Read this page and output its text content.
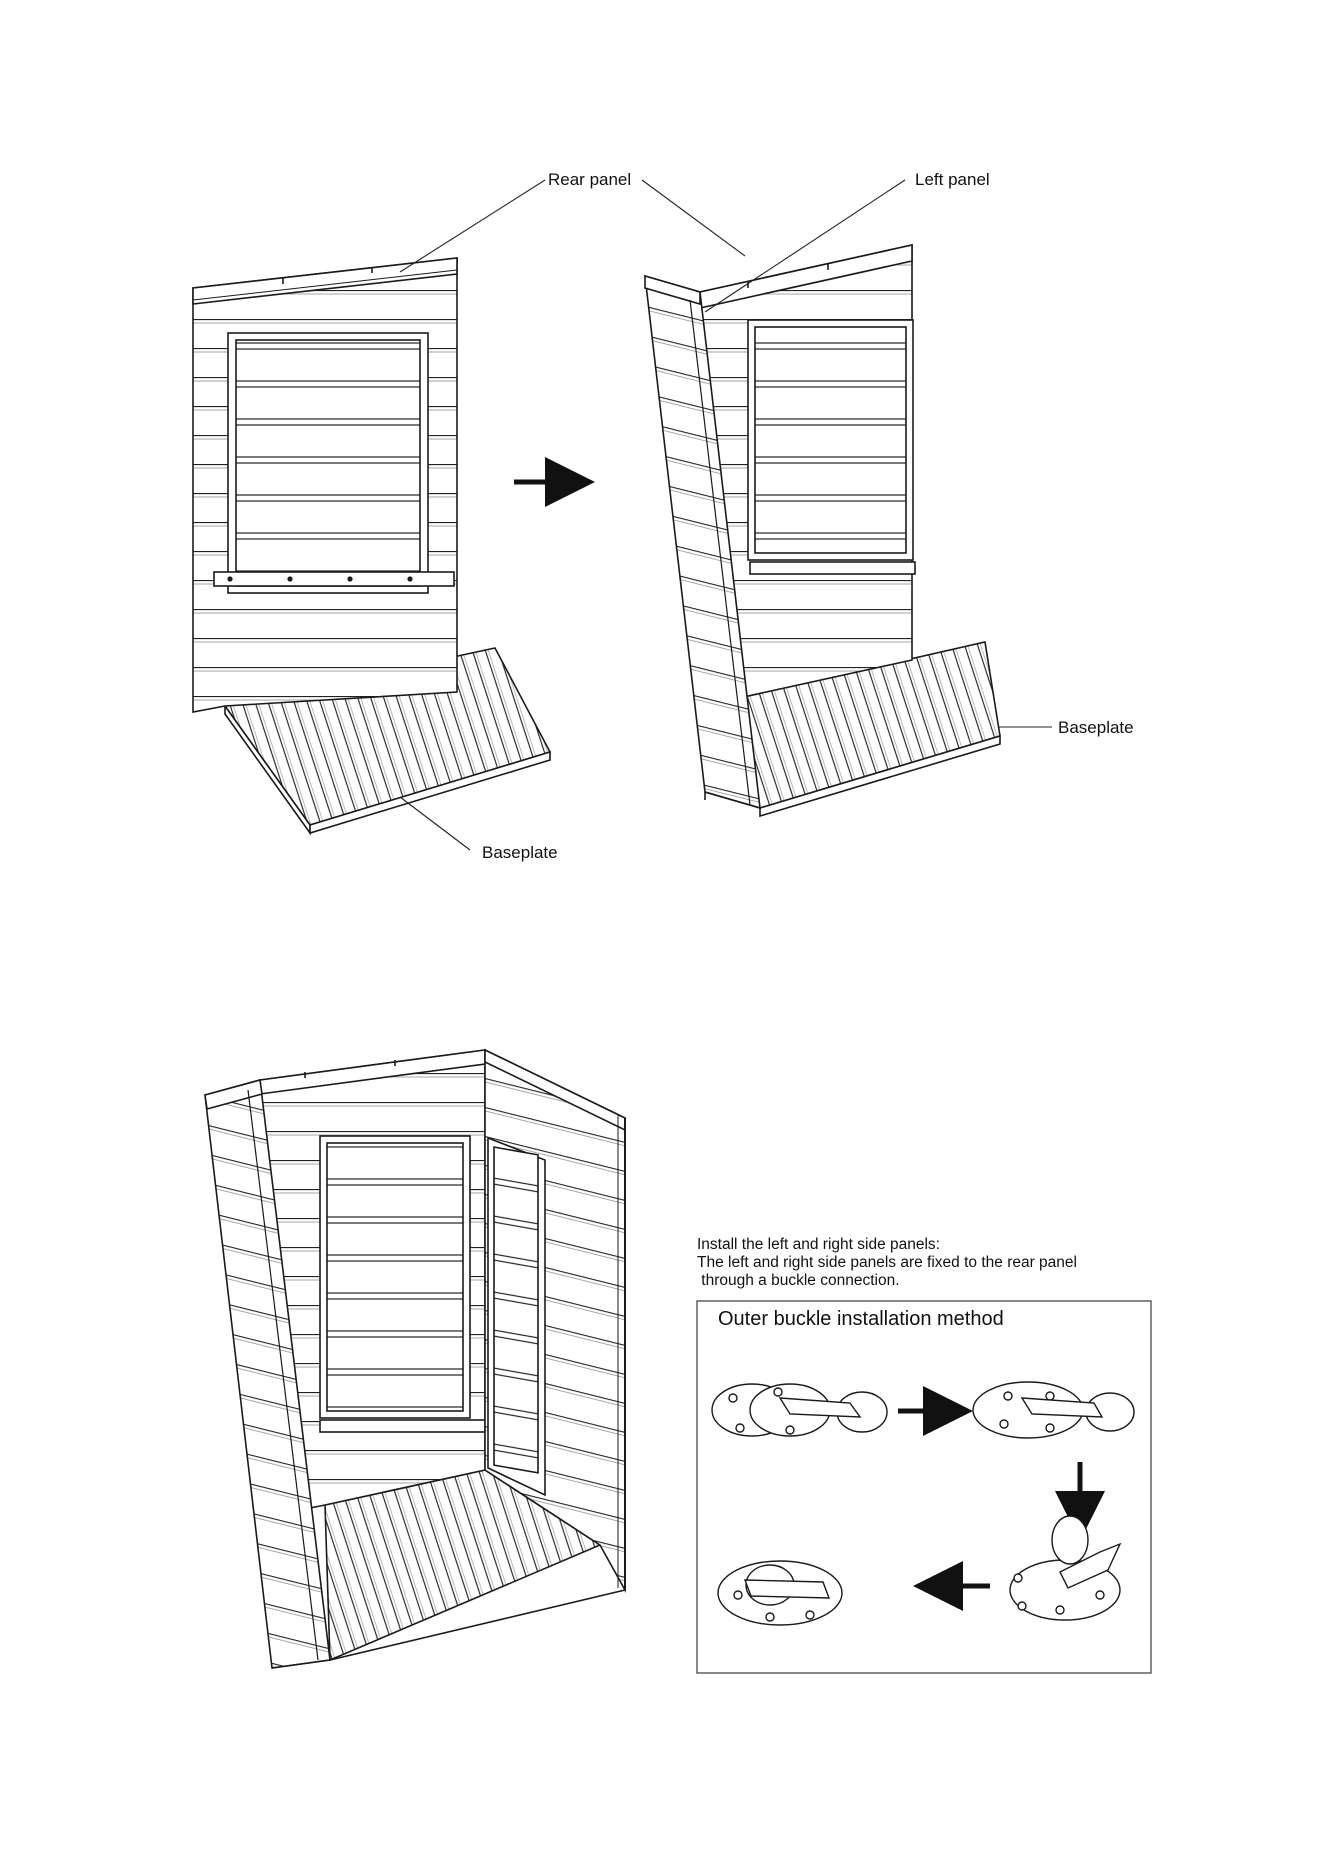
Rear panel	Left panel
Baseplate
Baseplate
Install the left and right side panels:
The left and right side panels are fixed to the rear panel
through a buckle connection.
Outer buckle installation method
